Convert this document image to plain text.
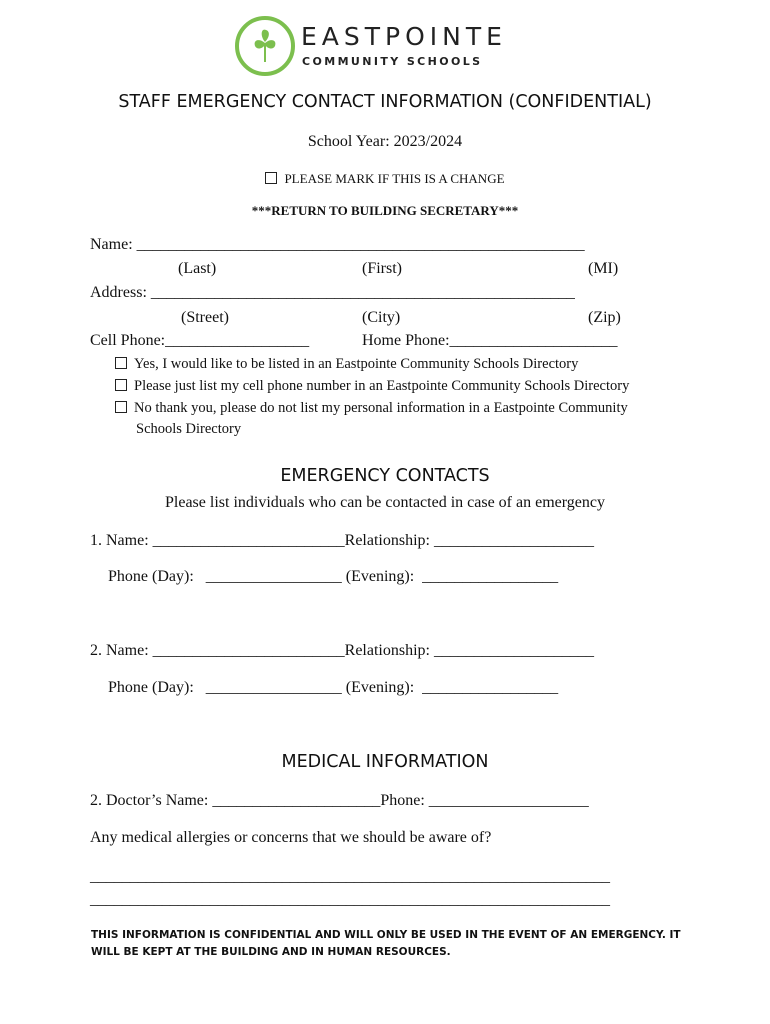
EASTPOINTE
COMMUNITY SCHOOLS
STAFF EMERGENCY CONTACT INFORMATION (CONFIDENTIAL)
School Year: 2023/2024
PLEASE MARK IF THIS IS A CHANGE
***RETURN TO BUILDING SECRETARY***
Name: ________________________________________________________
(Last)	(First)	(MI)
Address: _____________________________________________________
(Street)	(City)	(Zip)
Cell Phone:__________________	Home Phone:_____________________
Yes, I would like to be listed in an Eastpointe Community Schools Directory
Please just list my cell phone number in an Eastpointe Community Schools Directory
No thank you, please do not list my personal information in a Eastpointe Community
Schools Directory
EMERGENCY CONTACTS
Please list individuals who can be contacted in case of an emergency
1. Name: ________________________Relationship: ____________________
Phone (Day):   _________________ (Evening):  _________________
2. Name: ________________________Relationship: ____________________
Phone (Day):   _________________ (Evening):  _________________
MEDICAL INFORMATION
2. Doctor’s Name: _____________________Phone: ____________________
Any medical allergies or concerns that we should be aware of?
_________________________________________________________________
_________________________________________________________________
THIS INFORMATION IS CONFIDENTIAL AND WILL ONLY BE USED IN THE EVENT OF AN EMERGENCY. IT
WILL BE KEPT AT THE BUILDING AND IN HUMAN RESOURCES.
